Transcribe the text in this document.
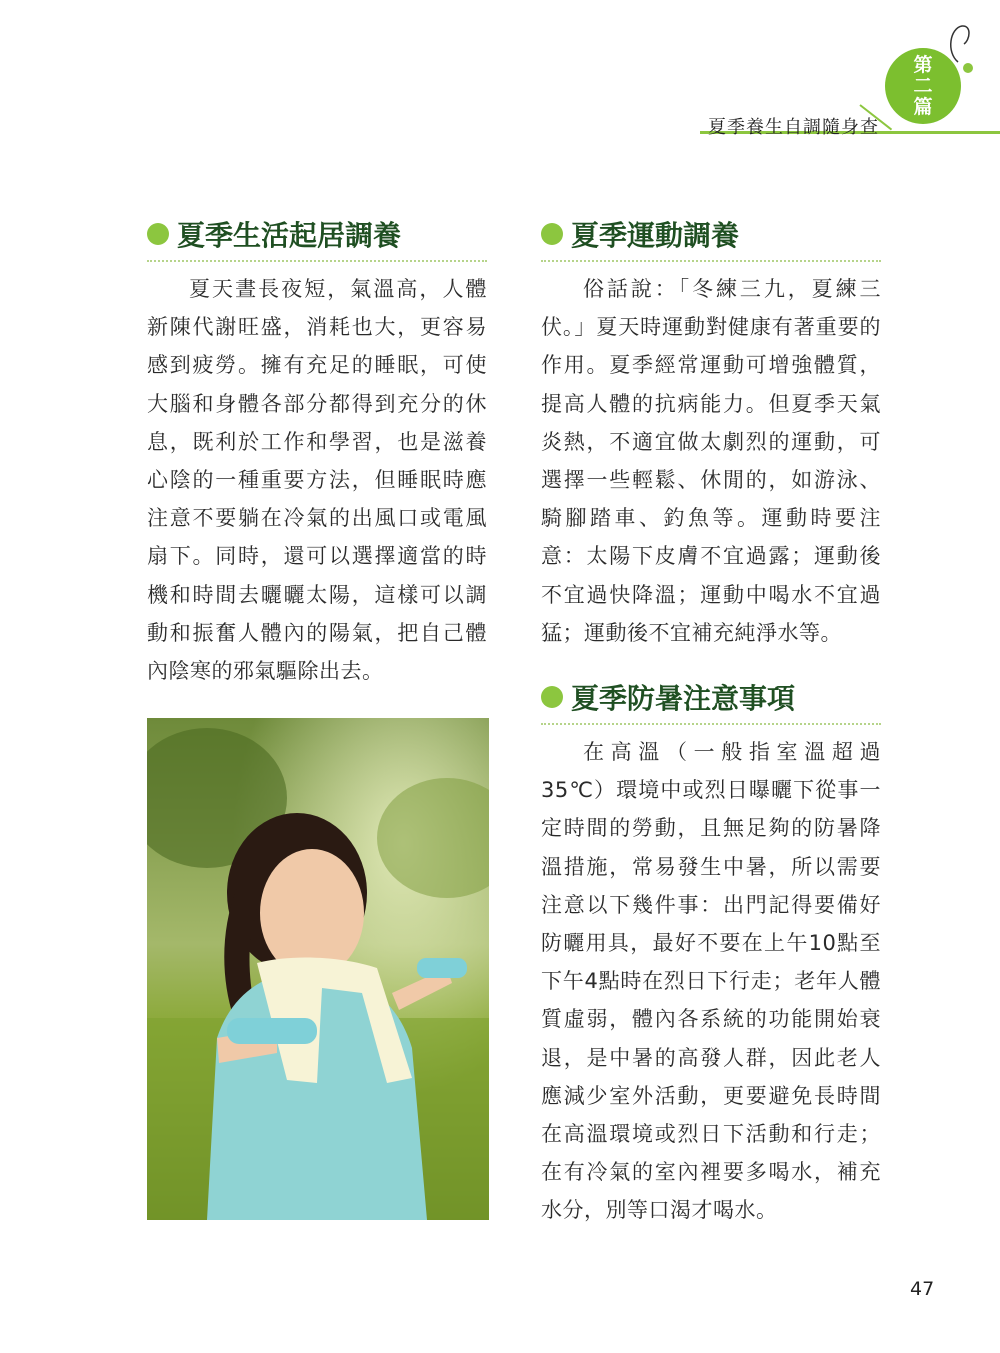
夏季養生自調隨身查
第二篇
夏季生活起居調養

夏天晝長夜短，氣溫高，人體新陳代謝旺盛，消耗也大，更容易感到疲勞。擁有充足的睡眠，可使大腦和身體各部分都得到充分的休息，既利於工作和學習，也是滋養心陰的一種重要方法，但睡眠時應注意不要躺在冷氣的出風口或電風扇下。同時，還可以選擇適當的時機和時間去曬曬太陽，這樣可以調動和振奮人體內的陽氣，把自己體內陰寒的邪氣驅除出去。

夏季運動調養

俗話說：「冬練三九，夏練三伏。」夏天時運動對健康有著重要的作用。夏季經常運動可增強體質，提高人體的抗病能力。但夏季天氣炎熱，不適宜做太劇烈的運動，可選擇一些輕鬆、休閒的，如游泳、騎腳踏車、釣魚等。運動時要注意：太陽下皮膚不宜過露；運動後不宜過快降溫；運動中喝水不宜過猛；運動後不宜補充純淨水等。

夏季防暑注意事項

在高溫（一般指室溫超過35℃）環境中或烈日曝曬下從事一定時間的勞動，且無足夠的防暑降溫措施，常易發生中暑，所以需要注意以下幾件事：出門記得要備好防曬用具，最好不要在上午10點至下午4點時在烈日下行走；老年人體質虛弱，體內各系統的功能開始衰退，是中暑的高發人群，因此老人應減少室外活動，更要避免長時間在高溫環境或烈日下活動和行走；在有冷氣的室內裡要多喝水，補充水分，別等口渴才喝水。

47
